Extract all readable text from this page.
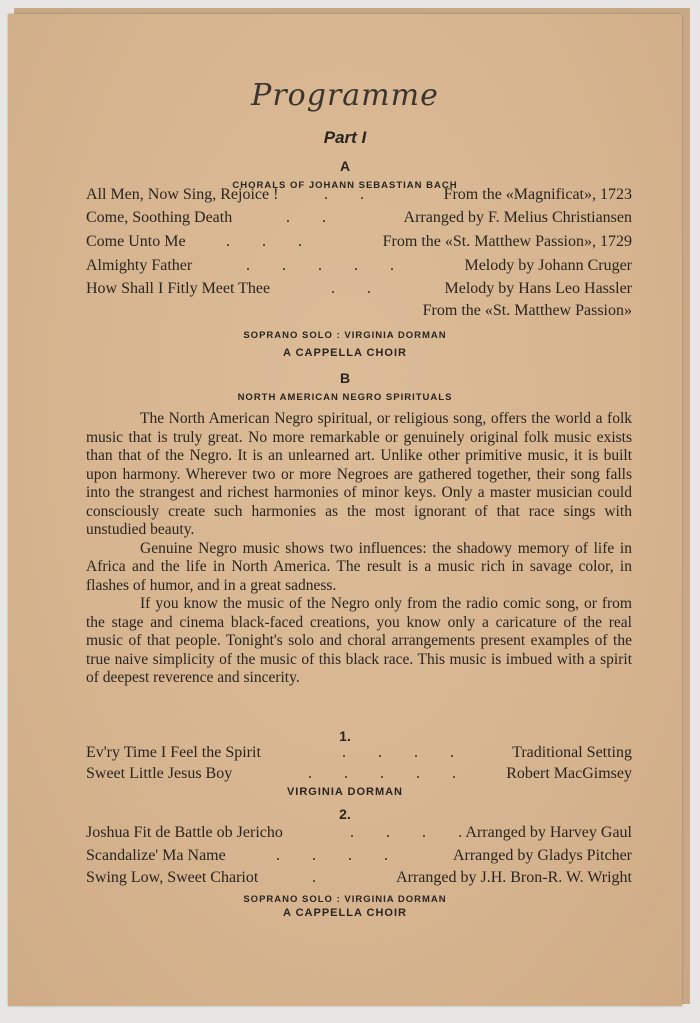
Programme
Part I
A
CHORALS OF JOHANN SEBASTIAN BACH
All Men, Now Sing, Rejoice !	. .	From the «Magnificat», 1723
Come, Soothing Death	. .	Arranged by F. Melius Christiansen
Come Unto Me	. . .	From the «St. Matthew Passion», 1729
Almighty Father	. . . . .	Melody by Johann Cruger
How Shall I Fitly Meet Thee	. .	Melody by Hans Leo Hassler
From the «St. Matthew Passion»
SOPRANO SOLO : VIRGINIA DORMAN
A CAPPELLA CHOIR
B
NORTH AMERICAN NEGRO SPIRITUALS

The North American Negro spiritual, or religious song, offers the world a folk music that is truly great. No more remarkable or genuinely original folk music exists than that of the Negro. It is an unlearned art. Unlike other primitive music, it is built upon harmony. Wherever two or more Negroes are gathered together, their song falls into the strangest and richest harmonies of minor keys. Only a master musician could consciously create such harmonies as the most ignorant of that race sings with unstudied beauty.

Genuine Negro music shows two influences: the shadowy memory of life in Africa and the life in North America. The result is a music rich in savage color, in flashes of humor, and in a great sadness.

If you know the music of the Negro only from the radio comic song, or from the stage and cinema black-faced creations, you know only a caricature of the real music of that people. Tonight's solo and choral arrangements present examples of the true naive simplicity of the music of this black race. This music is imbued with a spirit of deepest reverence and sincerity.

1.
Ev'ry Time I Feel the Spirit	. . . .	Traditional Setting
Sweet Little Jesus Boy	. . . . . Robert MacGimsey
VIRGINIA DORMAN
2.
Joshua Fit de Battle ob Jericho	. . . . Arranged by Harvey Gaul
Scandalize' Ma Name	. . . .	Arranged by Gladys Pitcher
Swing Low, Sweet Chariot	.	Arranged by J.H. Bron-R. W. Wright
SOPRANO SOLO : VIRGINIA DORMAN
A CAPPELLA CHOIR
